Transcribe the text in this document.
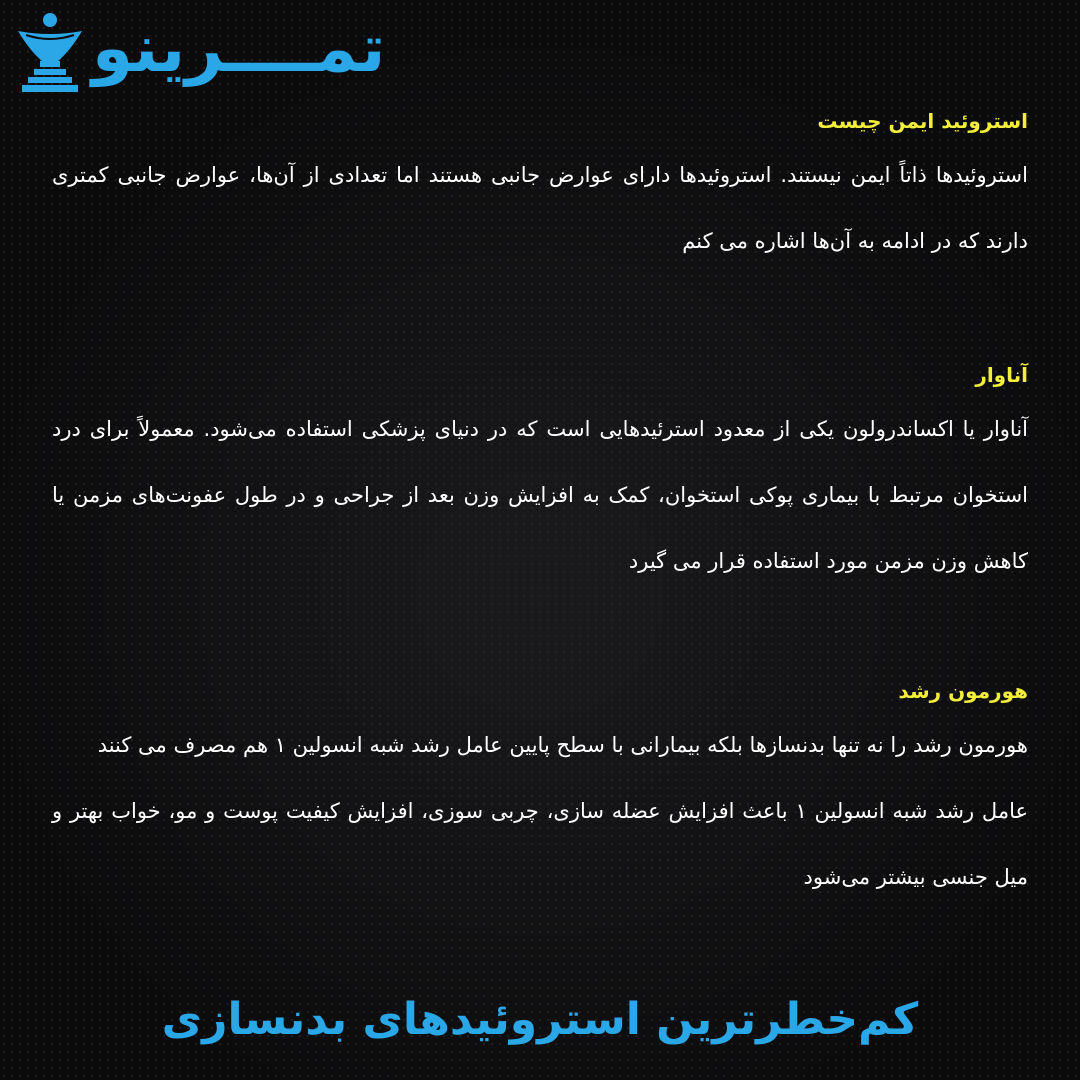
تمــــرینو
استروئید ایمن چیست

استروئیدها ذاتاً ایمن نیستند. استروئیدها دارای عوارض جانبی هستند اما تعدادی از آن‌ها، عوارض جانبی کمتری دارند که در ادامه به آن‌ها اشاره می کنم

آناوار

آناوار یا اکساندرولون یکی از معدود استرئیدهایی است که در دنیای پزشکی استفاده می‌شود. معمولاً برای درد استخوان مرتبط با بیماری پوکی استخوان، کمک به افزایش وزن بعد از جراحی و در طول عفونت‌های مزمن یا کاهش وزن مزمن مورد استفاده قرار می گیرد

هورمون رشد

هورمون رشد را نه تنها بدنسازها بلکه بیمارانی با سطح پایین عامل رشد شبه انسولین ۱ هم مصرف می کنند

عامل رشد شبه انسولین ۱ باعث افزایش عضله سازی، چربی سوزی، افزایش کیفیت پوست و مو، خواب بهتر و میل جنسی بیشتر می‌شود

کم‌خطرترین استروئیدهای بدنسازی
